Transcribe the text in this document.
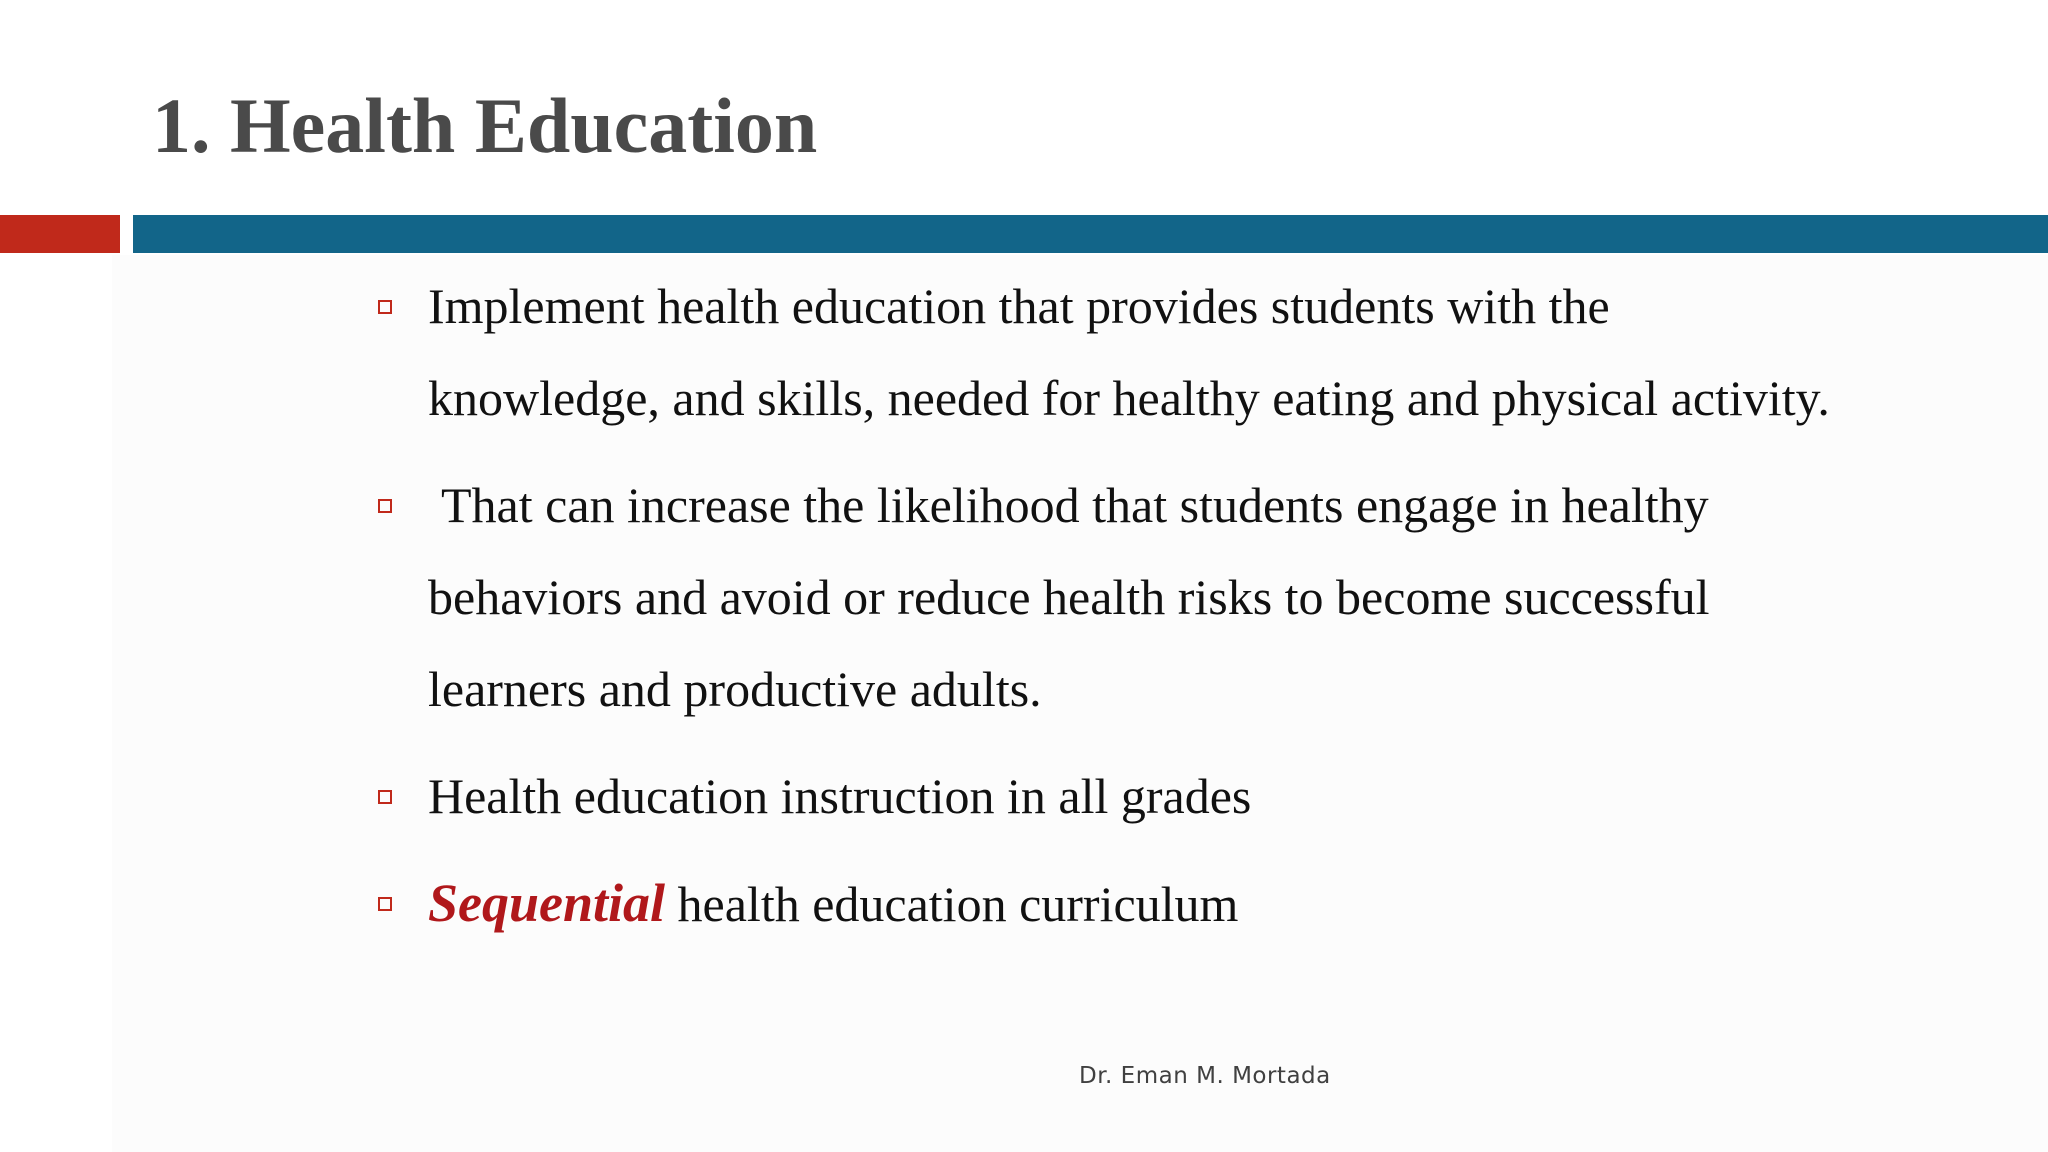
1. Health Education
Implement health education that provides students with the knowledge, and skills, needed for healthy eating and physical activity.
That can increase the likelihood that students engage in healthy behaviors and avoid or reduce health risks to become successful learners and productive adults.
Health education instruction in all grades
Sequential health education curriculum
Dr. Eman M. Mortada
